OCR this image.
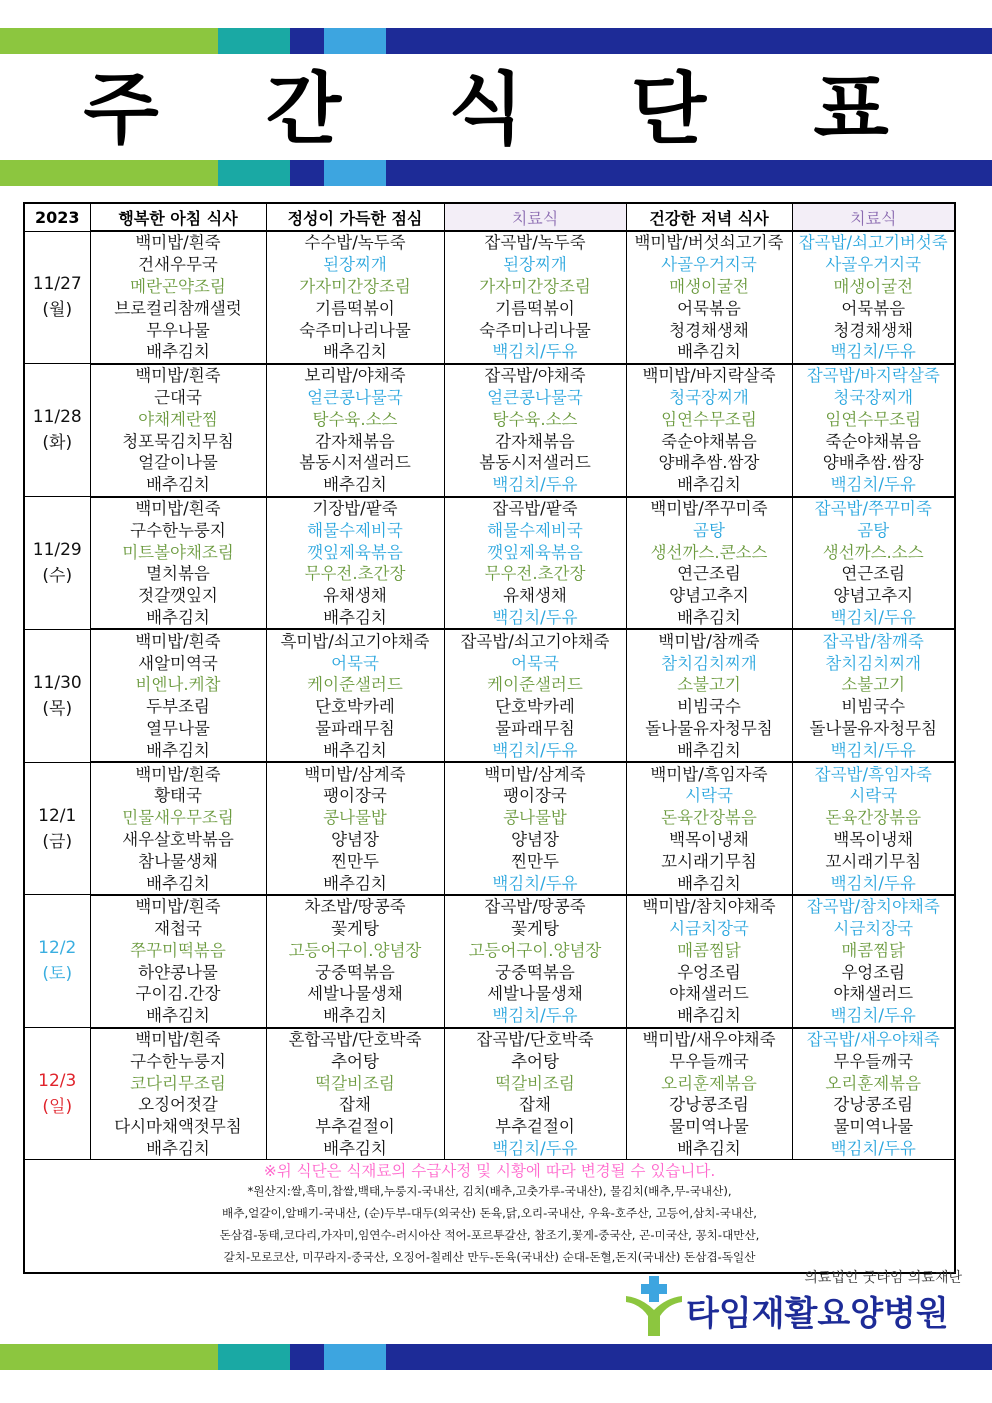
주 간 식 단 표
2023	행복한 아침 식사	정성이 가득한 점심	치료식	건강한 저녁 식사	치료식

11/27
(월)	백미밥/흰죽	수수밥/녹두죽	잡곡밥/녹두죽	백미밥/버섯쇠고기죽	잡곡밥/쇠고기버섯죽
	건새우무국	된장찌개	된장찌개	사골우거지국	사골우거지국
	메란곤약조림	가자미간장조림	가자미간장조림	매생이굴전	매생이굴전
	브로컬리참깨샐럿	기름떡볶이	기름떡볶이	어묵볶음	어묵볶음
	무우나물	숙주미나리나물	숙주미나리나물	청경채생채	청경채생채
	배추김치	배추김치	백김치/두유	배추김치	백김치/두유

11/28
(화)	백미밥/흰죽	보리밥/야채죽	잡곡밥/야채죽	백미밥/바지락살죽	잡곡밥/바지락살죽
	근대국	얼큰콩나물국	얼큰콩나물국	청국장찌개	청국장찌개
	야채계란찜	탕수육.소스	탕수육.소스	임연수무조림	임연수무조림
	청포묵김치무침	감자채볶음	감자채볶음	죽순야채볶음	죽순야채볶음
	얼갈이나물	봄동시저샐러드	봄동시저샐러드	양배추쌈.쌈장	양배추쌈.쌈장
	배추김치	배추김치	백김치/두유	배추김치	백김치/두유

11/29
(수)	백미밥/흰죽	기장밥/팥죽	잡곡밥/팥죽	백미밥/쭈꾸미죽	잡곡밥/쭈꾸미죽
	구수한누룽지	해물수제비국	해물수제비국	곰탕	곰탕
	미트볼야채조림	깻잎제육볶음	깻잎제육볶음	생선까스.콘소스	생선까스.소스
	멸치볶음	무우전.초간장	무우전.초간장	연근조림	연근조림
	젓갈깻잎지	유채생채	유채생채	양념고추지	양념고추지
	배추김치	배추김치	백김치/두유	배추김치	백김치/두유

11/30
(목)	백미밥/흰죽	흑미밥/쇠고기야채죽	잡곡밥/쇠고기야채죽	백미밥/참깨죽	잡곡밥/참깨죽
	새알미역국	어묵국	어묵국	참치김치찌개	참치김치찌개
	비엔나.케찹	케이준샐러드	케이준샐러드	소불고기	소불고기
	두부조림	단호박카레	단호박카레	비빔국수	비빔국수
	열무나물	물파래무침	물파래무침	돌나물유자청무침	돌나물유자청무침
	배추김치	배추김치	백김치/두유	배추김치	백김치/두유

12/1
(금)	백미밥/흰죽	백미밥/삼계죽	백미밥/삼계죽	백미밥/흑임자죽	잡곡밥/흑임자죽
	황태국	팽이장국	팽이장국	시락국	시락국
	민물새우무조림	콩나물밥	콩나물밥	돈육간장볶음	돈육간장볶음
	새우살호박볶음	양념장	양념장	백목이냉채	백목이냉채
	참나물생채	찐만두	찐만두	꼬시래기무침	꼬시래기무침
	배추김치	배추김치	백김치/두유	배추김치	백김치/두유

12/2
(토)	백미밥/흰죽	차조밥/땅콩죽	잡곡밥/땅콩죽	백미밥/참치야채죽	잡곡밥/참치야채죽
	재첩국	꽃게탕	꽃게탕	시금치장국	시금치장국
	쭈꾸미떡볶음	고등어구이.양념장	고등어구이.양념장	매콤찜닭	매콤찜닭
	하얀콩나물	궁중떡볶음	궁중떡볶음	우엉조림	우엉조림
	구이김.간장	세발나물생채	세발나물생채	야채샐러드	야채샐러드
	배추김치	배추김치	백김치/두유	배추김치	백김치/두유

12/3
(일)	백미밥/흰죽	혼합곡밥/단호박죽	잡곡밥/단호박죽	백미밥/새우야채죽	잡곡밥/새우야채죽
	구수한누룽지	추어탕	추어탕	무우들깨국	무우들깨국
	코다리무조림	떡갈비조림	떡갈비조림	오리훈제볶음	오리훈제볶음
	오징어젓갈	잡채	잡채	강낭콩조림	강낭콩조림
	다시마채액젓무침	부추겉절이	부추겉절이	물미역나물	물미역나물
	배추김치	배추김치	백김치/두유	배추김치	백김치/두유

※위 식단은 식재료의 수급사정 및 시황에 따라 변경될 수 있습니다.
*원산지:쌀,흑미,찹쌀,백태,누룽지-국내산, 김치(배추,고춧가루-국내산), 물김치(배추,무-국내산),
배추,얼갈이,알배기-국내산, (순)두부-대두(외국산) 돈육,닭,오리-국내산, 우육-호주산, 고등어,삼치-국내산,
돈삼겹-동태,코다리,가자미,임연수-러시아산 적어-포르투갈산, 참조기,꽃게-중국산, 곤-미국산, 꽁치-대만산,
갈치-모로코산, 미꾸라지-중국산, 오징어-칠레산 만두-돈육(국내산) 순대-돈혈,돈지(국내산) 돈삼겹-독일산					
의료법인 굿타임 의료재단
타임재활요양병원
